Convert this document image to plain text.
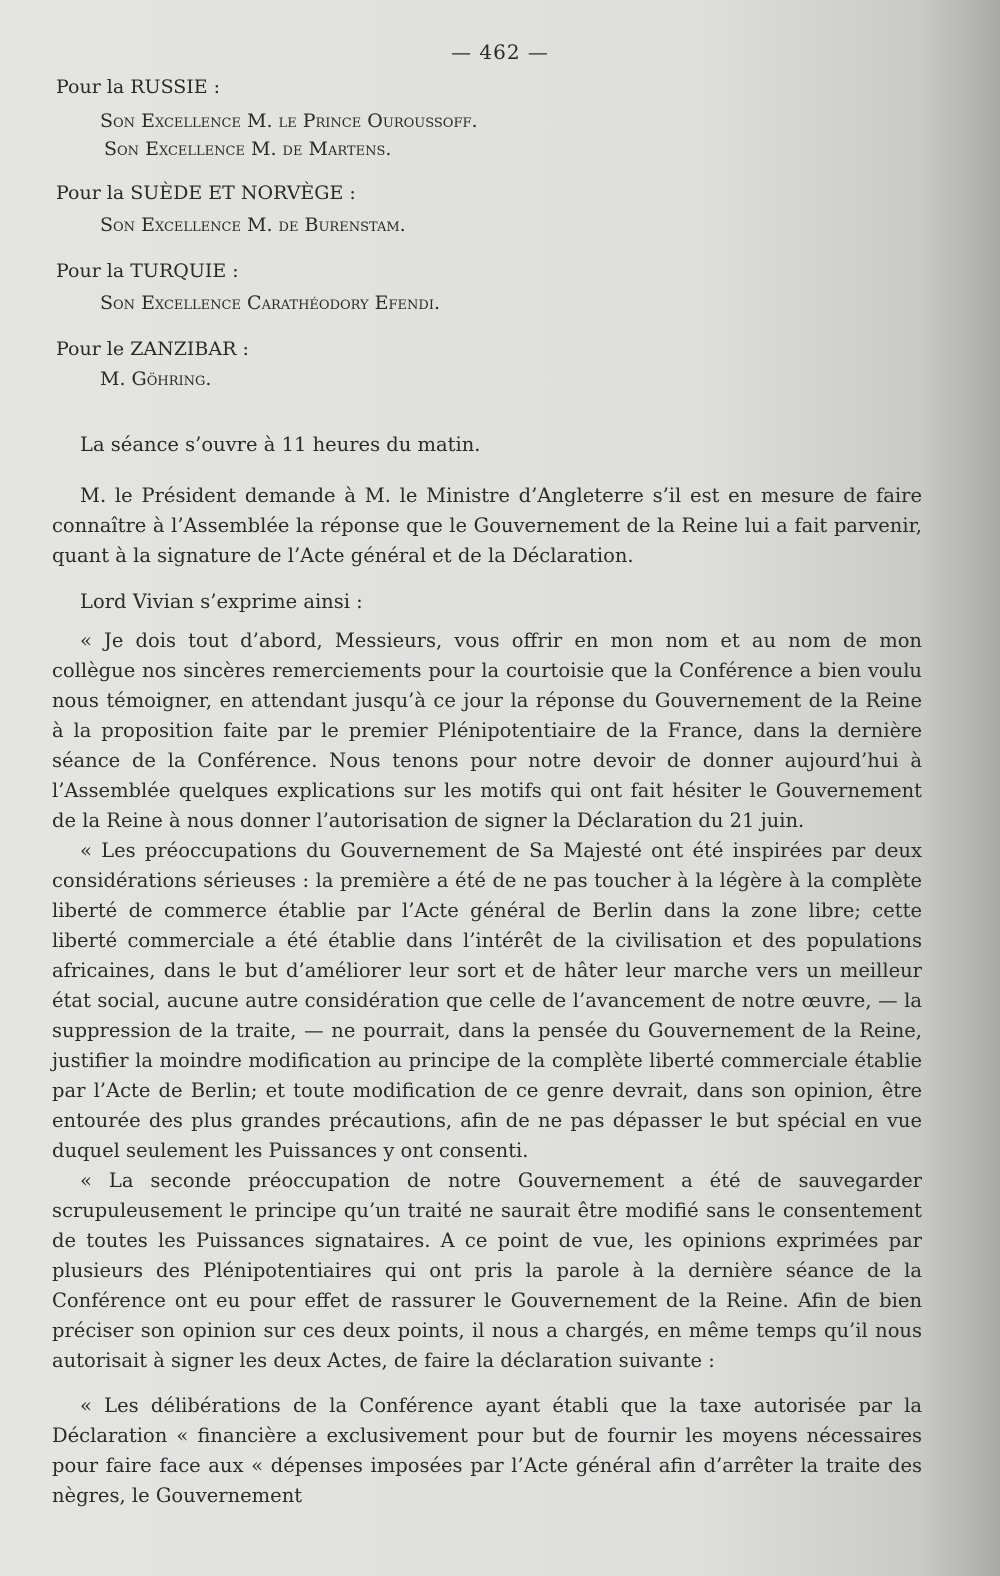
— 462 —
Pour la RUSSIE :
Son Excellence M. le Prince Ouroussoff.
Son Excellence M. de Martens.
Pour la SUÈDE ET NORVÈGE :
Son Excellence M. de Burenstam.
Pour la TURQUIE :
Son Excellence Carathéodory Efendi.
Pour le ZANZIBAR :
M. Göhring.

La séance s’ouvre à 11 heures du matin.

M. le Président demande à M. le Ministre d’Angleterre s’il est en mesure de faire connaître à l’Assemblée la réponse que le Gouvernement de la Reine lui a fait parvenir, quant à la signature de l’Acte général et de la Déclaration.

Lord Vivian s’exprime ainsi :

« Je dois tout d’abord, Messieurs, vous offrir en mon nom et au nom de mon collègue nos sincères remerciements pour la courtoisie que la Conférence a bien voulu nous témoigner, en attendant jusqu’à ce jour la réponse du Gouvernement de la Reine à la proposition faite par le premier Plénipotentiaire de la France, dans la dernière séance de la Conférence. Nous tenons pour notre devoir de donner aujourd’hui à l’Assemblée quelques explications sur les motifs qui ont fait hésiter le Gouvernement de la Reine à nous donner l’autorisation de signer la Déclaration du 21 juin.

« Les préoccupations du Gouvernement de Sa Majesté ont été inspirées par deux considérations sérieuses : la première a été de ne pas toucher à la légère à la complète liberté de commerce établie par l’Acte général de Berlin dans la zone libre; cette liberté commerciale a été établie dans l’intérêt de la civilisation et des populations africaines, dans le but d’améliorer leur sort et de hâter leur marche vers un meilleur état social, aucune autre considération que celle de l’avancement de notre œuvre, — la suppression de la traite, — ne pourrait, dans la pensée du Gouvernement de la Reine, justifier la moindre modification au principe de la complète liberté commerciale établie par l’Acte de Berlin; et toute modification de ce genre devrait, dans son opinion, être entourée des plus grandes précautions, afin de ne pas dépasser le but spécial en vue duquel seulement les Puissances y ont consenti.

« La seconde préoccupation de notre Gouvernement a été de sauvegarder scrupuleusement le principe qu’un traité ne saurait être modifié sans le consentement de toutes les Puissances signataires. A ce point de vue, les opinions exprimées par plusieurs des Plénipotentiaires qui ont pris la parole à la dernière séance de la Conférence ont eu pour effet de rassurer le Gouvernement de la Reine. Afin de bien préciser son opinion sur ces deux points, il nous a chargés, en même temps qu’il nous autorisait à signer les deux Actes, de faire la déclaration suivante :

« Les délibérations de la Conférence ayant établi que la taxe autorisée par la Déclaration « financière a exclusivement pour but de fournir les moyens nécessaires pour faire face aux « dépenses imposées par l’Acte général afin d’arrêter la traite des nègres, le Gouvernement
